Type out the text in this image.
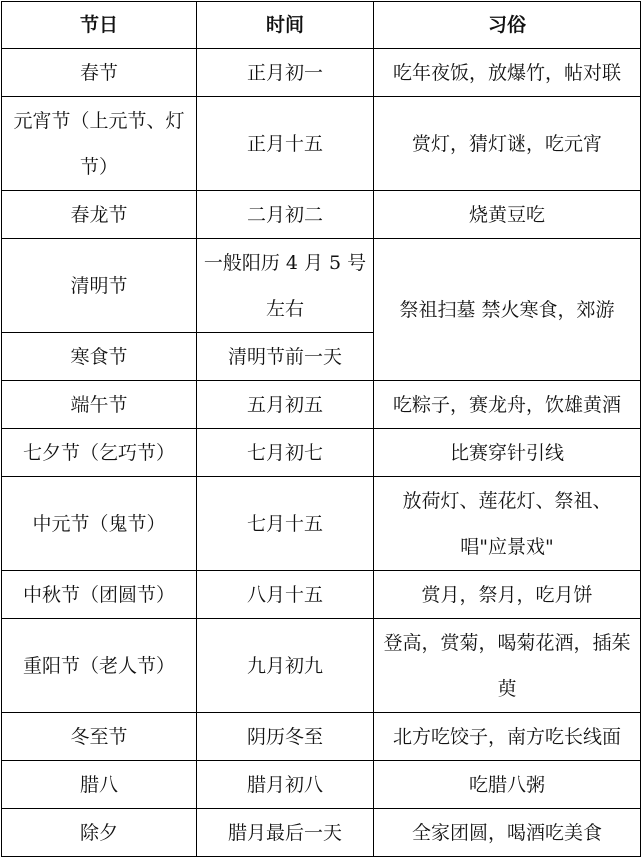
节日	时间	习俗
春节	正月初一	吃年夜饭，放爆竹，帖对联
元宵节（上元节、灯节）	正月十五	赏灯，猜灯谜，吃元宵
春龙节	二月初二	烧黄豆吃
清明节	一般阳历 4 月 5 号左右	祭祖扫墓 禁火寒食，郊游
寒食节	清明节前一天	
端午节	五月初五	吃粽子，赛龙舟，饮雄黄酒
七夕节（乞巧节）	七月初七	比赛穿针引线
中元节（鬼节）	七月十五	放荷灯、莲花灯、祭祖、唱"应景戏"
中秋节（团圆节）	八月十五	赏月，祭月，吃月饼
重阳节（老人节）	九月初九	登高，赏菊，喝菊花酒，插茱萸
冬至节	阴历冬至	北方吃饺子，南方吃长线面
腊八	腊月初八	吃腊八粥
除夕	腊月最后一天	全家团圆，喝酒吃美食
